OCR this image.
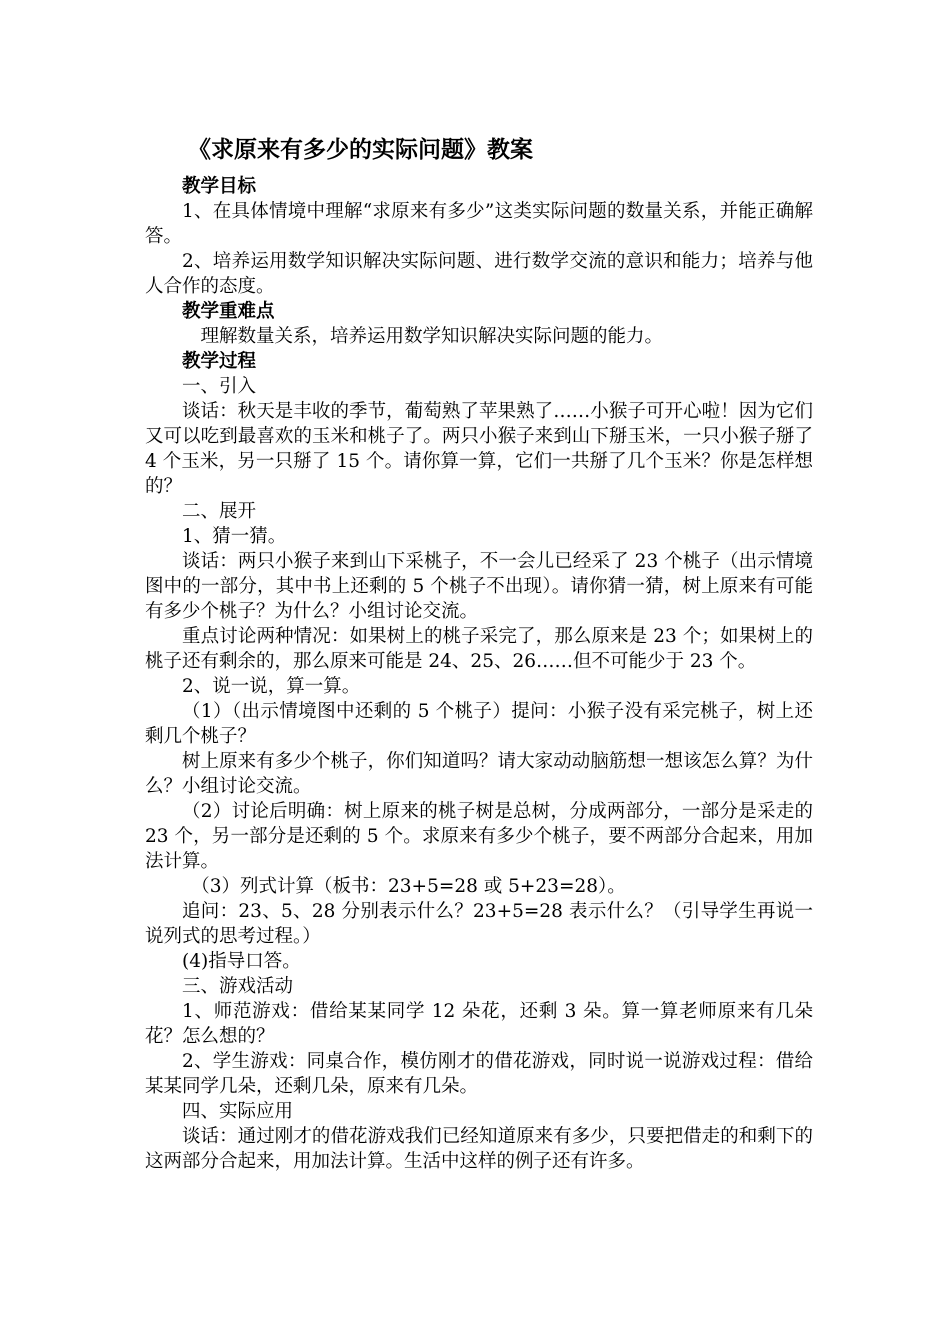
《求原来有多少的实际问题》教案

教学目标

1、在具体情境中理解“求原来有多少”这类实际问题的数量关系，并能正确解答。

2、培养运用数学知识解决实际问题、进行数学交流的意识和能力；培养与他人合作的态度。

教学重难点

理解数量关系，培养运用数学知识解决实际问题的能力。

教学过程

一、引入

谈话：秋天是丰收的季节，葡萄熟了苹果熟了……小猴子可开心啦！因为它们又可以吃到最喜欢的玉米和桃子了。两只小猴子来到山下掰玉米，一只小猴子掰了 4 个玉米，另一只掰了 15 个。请你算一算，它们一共掰了几个玉米？你是怎样想的？

二、展开

1、猜一猜。

谈话：两只小猴子来到山下采桃子，不一会儿已经采了 23 个桃子（出示情境图中的一部分，其中书上还剩的 5 个桃子不出现）。请你猜一猜，树上原来有可能有多少个桃子？为什么？小组讨论交流。

重点讨论两种情况：如果树上的桃子采完了，那么原来是 23 个；如果树上的桃子还有剩余的，那么原来可能是 24、25、26……但不可能少于 23 个。

2、说一说，算一算。

（1）（出示情境图中还剩的 5 个桃子）提问：小猴子没有采完桃子，树上还剩几个桃子？

树上原来有多少个桃子，你们知道吗？请大家动动脑筋想一想该怎么算？为什么？小组讨论交流。

（2）讨论后明确：树上原来的桃子树是总树，分成两部分，一部分是采走的 23 个，另一部分是还剩的 5 个。求原来有多少个桃子，要不两部分合起来，用加法计算。

（3）列式计算（板书：23+5=28 或 5+23=28）。

追问：23、5、28 分别表示什么？23+5=28 表示什么？（引导学生再说一说列式的思考过程。）

(4)指导口答。

三、游戏活动

1、师范游戏：借给某某同学 12 朵花，还剩 3 朵。算一算老师原来有几朵花？怎么想的？

2、学生游戏：同桌合作，模仿刚才的借花游戏，同时说一说游戏过程：借给某某同学几朵，还剩几朵，原来有几朵。

四、实际应用

谈话：通过刚才的借花游戏我们已经知道原来有多少，只要把借走的和剩下的这两部分合起来，用加法计算。生活中这样的例子还有许多。
